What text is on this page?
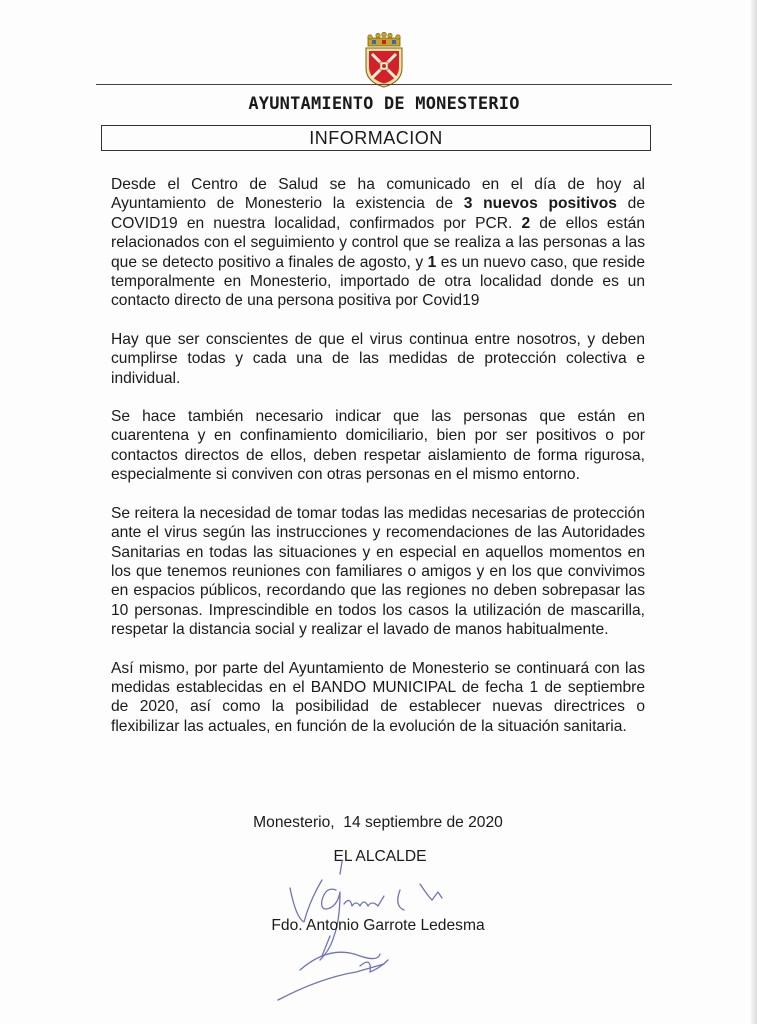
AYUNTAMIENTO DE MONESTERIO
INFORMACION

Desde el Centro de Salud se ha comunicado en el día de hoy al Ayuntamiento de Monesterio la existencia de 3 nuevos positivos de COVID19 en nuestra localidad, confirmados por PCR. 2 de ellos están relacionados con el seguimiento y control que se realiza a las personas a las que se detecto positivo a finales de agosto, y 1 es un nuevo caso, que reside temporalmente en Monesterio, importado de otra localidad donde es un contacto directo de una persona positiva por Covid19

Hay que ser conscientes de que el virus continua entre nosotros, y deben cumplirse todas y cada una de las medidas de protección colectiva e individual.

Se hace también necesario indicar que las personas que están en cuarentena y en confinamiento domiciliario, bien por ser positivos o por contactos directos de ellos, deben respetar aislamiento de forma rigurosa, especialmente si conviven con otras personas en el mismo entorno.

Se reitera la necesidad de tomar todas las medidas necesarias de protección ante el virus según las instrucciones y recomendaciones de las Autoridades Sanitarias en todas las situaciones y en especial en aquellos momentos en los que tenemos reuniones con familiares o amigos y en los que convivimos en espacios públicos, recordando que las regiones no deben sobrepasar las 10 personas. Imprescindible en todos los casos la utilización de mascarilla, respetar la distancia social y realizar el lavado de manos habitualmente.

Así mismo, por parte del Ayuntamiento de Monesterio se continuará con las medidas establecidas en el BANDO MUNICIPAL de fecha 1 de septiembre de 2020, así como la posibilidad de establecer nuevas directrices o flexibilizar las actuales, en función de la evolución de la situación sanitaria.

Monesterio,  14 septiembre de 2020
EL ALCALDE
Fdo. Antonio Garrote Ledesma
